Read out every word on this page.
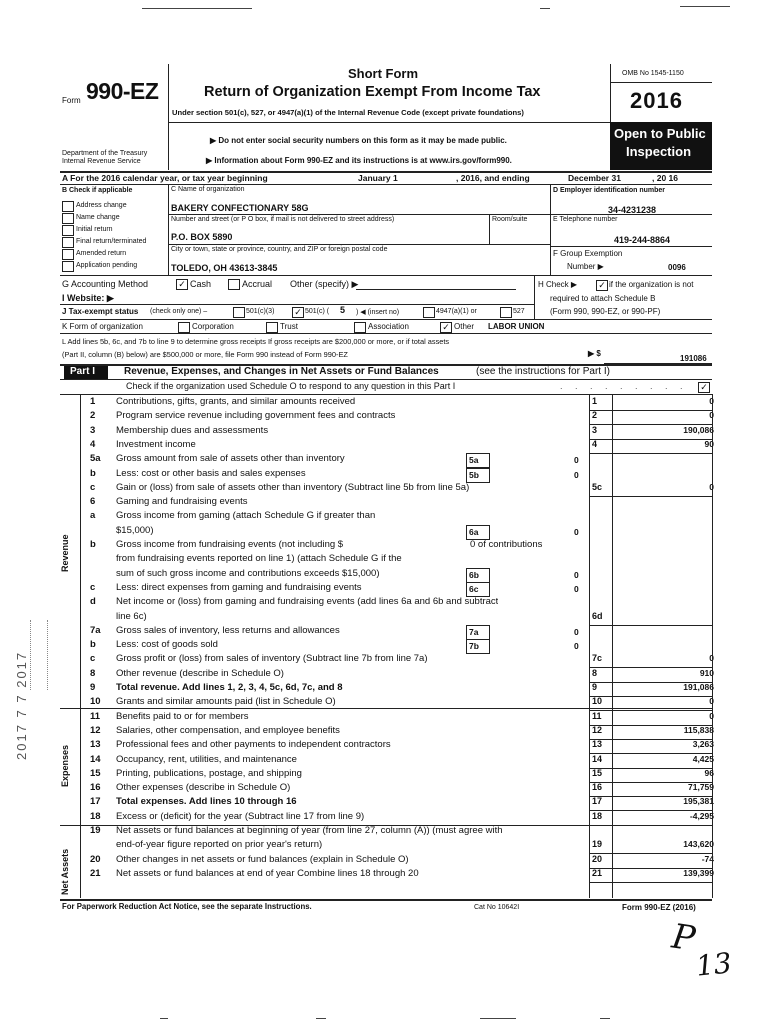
Form 990-EZ
Short Form
Return of Organization Exempt From Income Tax
Under section 501(c), 527, or 4947(a)(1) of the Internal Revenue Code (except private foundations)
▶ Do not enter social security numbers on this form as it may be made public.
▶ Information about Form 990-EZ and its instructions is at www.irs.gov/form990.
Department of the Treasury
Internal Revenue Service
OMB No 1545-1150
2016
Open to Public
Inspection
A For the 2016 calendar year, or tax year beginning	January 1	, 2016, and ending	December 31	, 20 16
B Check if applicable
Address change
Name change
Initial return
Final return/terminated
Amended return
Application pending
C Name of organization
BAKERY CONFECTIONARY 58G
Number and street (or P O box, if mail is not delivered to street address)	Room/suite
P.O. BOX 5890
City or town, state or province, country, and ZIP or foreign postal code
TOLEDO, OH 43613-3845
D Employer identification number
34-4231238
E Telephone number
419-244-8864
F Group Exemption
Number ▶	0096
G Accounting Method	✓ Cash	Accrual Other (specify) ▶	H Check ▶ ✓ if the organization is not
required to attach Schedule B
(Form 990, 990-EZ, or 990-PF)
I Website: ▶
J Tax-exempt status (check only one) –	501(c)(3) ✓ 501(c) ( 5 ) ◀ (insert no)	4947(a)(1) or	527
K Form of organization	Corporation	Trust	Association	✓ Other LABOR UNION
L Add lines 5b, 6c, and 7b to line 9 to determine gross receipts If gross receipts are $200,000 or more, or if total assets
(Part II, column (B) below) are $500,000 or more, file Form 990 instead of Form 990-EZ	▶ $
191086
Part I	Revenue, Expenses, and Changes in Net Assets or Fund Balances	(see the instructions for Part I)
Check if the organization used Schedule O to respond to any question in this Part I	. . . . . . . . . ✓
Revenue
Expenses
Net Assets
1	Contributions, gifts, grants, and similar amounts received	1	0
2	Program service revenue including government fees and contracts	2	0
3	Membership dues and assessments	3	190,086
4	Investment income	4	90
5a	Gross amount from sale of assets other than inventory	5a	0
b	Less: cost or other basis and sales expenses	5b	0
c	Gain or (loss) from sale of assets other than inventory (Subtract line 5b from line 5a)	5c	0
6	Gaming and fundraising events
a	Gross income from gaming (attach Schedule G if greater than
$15,000)	6a	0
b	Gross income from fundraising events (not including $	0 of contributions
from fundraising events reported on line 1) (attach Schedule G if the
sum of such gross income and contributions exceeds $15,000)	6b	0
c	Less: direct expenses from gaming and fundraising events	6c	0
d	Net income or (loss) from gaming and fundraising events (add lines 6a and 6b and subtract
line 6c)	6d
7a	Gross sales of inventory, less returns and allowances	7a	0
b	Less: cost of goods sold	7b	0
c	Gross profit or (loss) from sales of inventory (Subtract line 7b from line 7a)	7c	0
8	Other revenue (describe in Schedule O)	8	910
9	Total revenue. Add lines 1, 2, 3, 4, 5c, 6d, 7c, and 8	9	191,086
10	Grants and similar amounts paid (list in Schedule O)	10	0
11	Benefits paid to or for members	11	0
12	Salaries, other compensation, and employee benefits	12	115,838
13	Professional fees and other payments to independent contractors	13	3,263
14	Occupancy, rent, utilities, and maintenance	14	4,425
15	Printing, publications, postage, and shipping	15	96
16	Other expenses (describe in Schedule O)	16	71,759
17	Total expenses. Add lines 10 through 16	17	195,381
18	Excess or (deficit) for the year (Subtract line 17 from line 9)	18	-4,295
19	Net assets or fund balances at beginning of year (from line 27, column (A)) (must agree with
end-of-year figure reported on prior year's return)	19	143,620
20	Other changes in net assets or fund balances (explain in Schedule O)	20	-74
21	Net assets or fund balances at end of year Combine lines 18 through 20	21	139,399
For Paperwork Reduction Act Notice, see the separate Instructions.	Cat No 10642I	Form 990-EZ (2016)
P
13
2017 7 7 2017
